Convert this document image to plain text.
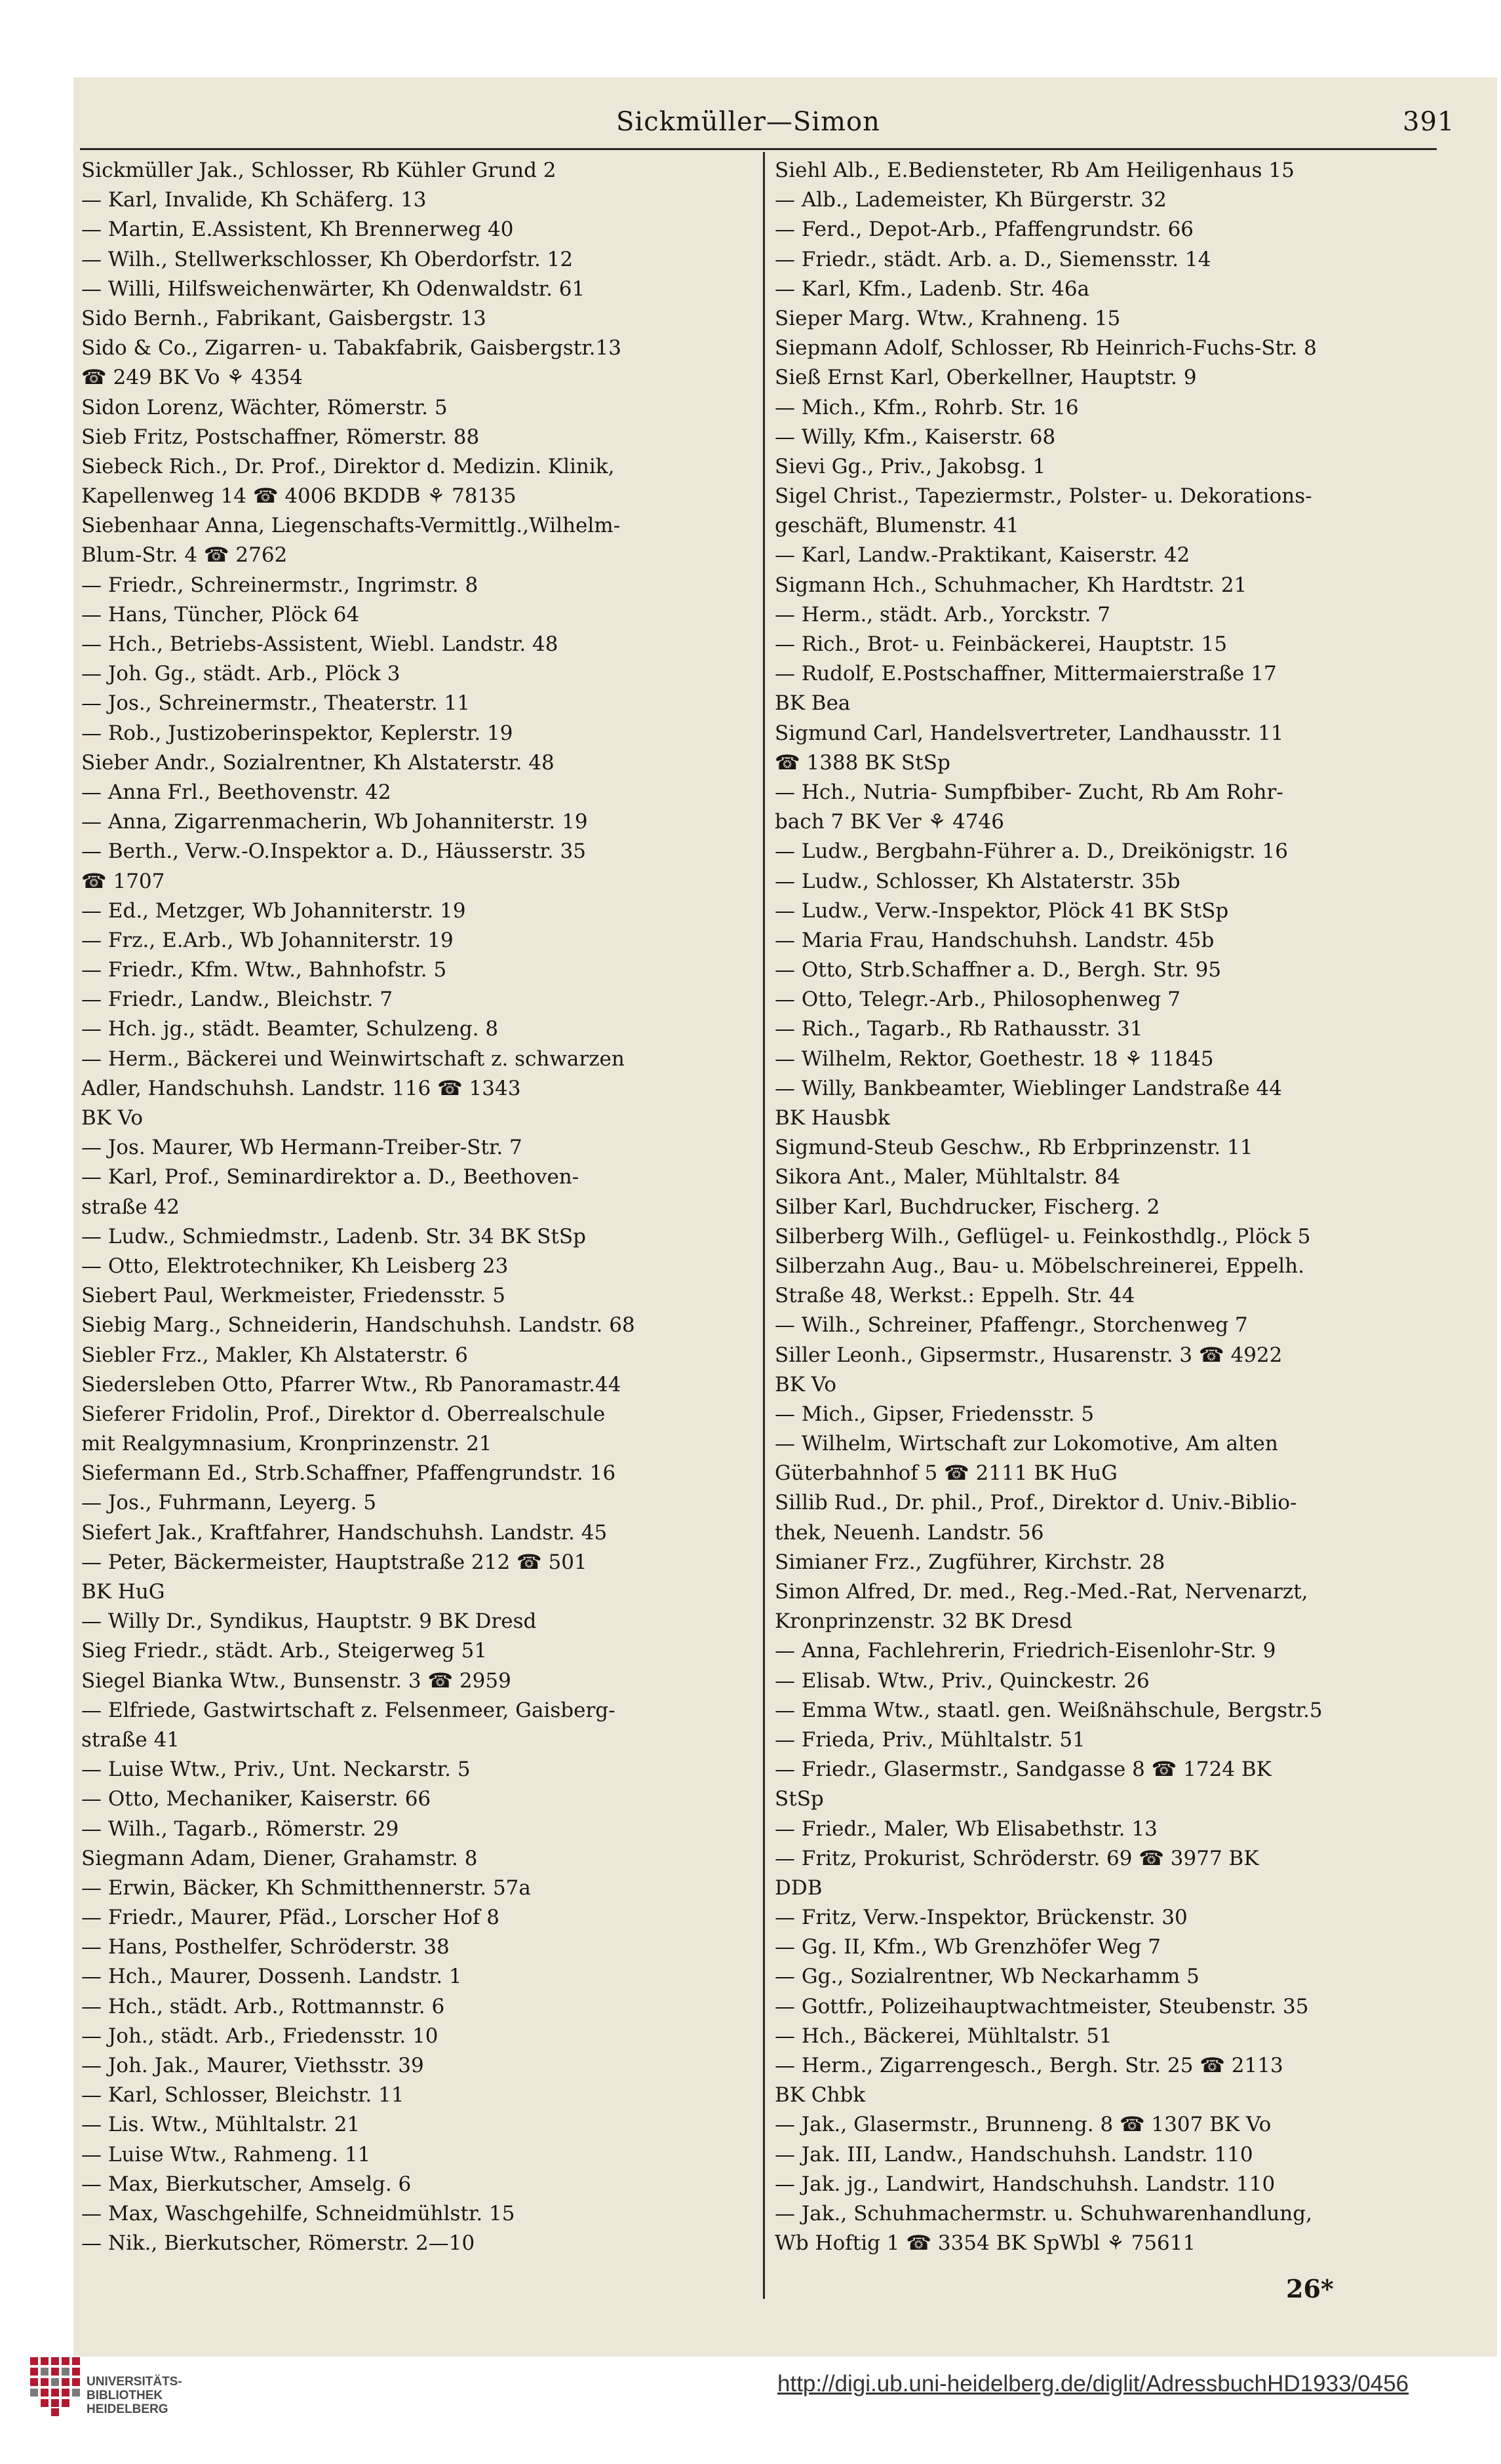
Sickmüller—Simon	391
Sickmüller Jak., Schlosser, Rb Kühler Grund 2
— Karl, Invalide, Kh Schäferg. 13
— Martin, E.Assistent, Kh Brennerweg 40
— Wilh., Stellwerkschlosser, Kh Oberdorfstr. 12
— Willi, Hilfsweichenwärter, Kh Odenwaldstr. 61
Sido Bernh., Fabrikant, Gaisbergstr. 13
Sido & Co., Zigarren- u. Tabakfabrik, Gaisbergstr.13
☎ 249 BK Vo ⚘ 4354
Sidon Lorenz, Wächter, Römerstr. 5
Sieb Fritz, Postschaffner, Römerstr. 88
Siebeck Rich., Dr. Prof., Direktor d. Medizin. Klinik,
Kapellenweg 14 ☎ 4006 BKDDB ⚘ 78135
Siebenhaar Anna, Liegenschafts-Vermittlg.,Wilhelm-
Blum-Str. 4 ☎ 2762
— Friedr., Schreinermstr., Ingrimstr. 8
— Hans, Tüncher, Plöck 64
— Hch., Betriebs-Assistent, Wiebl. Landstr. 48
— Joh. Gg., städt. Arb., Plöck 3
— Jos., Schreinermstr., Theaterstr. 11
— Rob., Justizoberinspektor, Keplerstr. 19
Sieber Andr., Sozialrentner, Kh Alstaterstr. 48
— Anna Frl., Beethovenstr. 42
— Anna, Zigarrenmacherin, Wb Johanniterstr. 19
— Berth., Verw.-O.Inspektor a. D., Häusserstr. 35
☎ 1707
— Ed., Metzger, Wb Johanniterstr. 19
— Frz., E.Arb., Wb Johanniterstr. 19
— Friedr., Kfm. Wtw., Bahnhofstr. 5
— Friedr., Landw., Bleichstr. 7
— Hch. jg., städt. Beamter, Schulzeng. 8
— Herm., Bäckerei und Weinwirtschaft z. schwarzen
Adler, Handschuhsh. Landstr. 116 ☎ 1343
BK Vo
— Jos. Maurer, Wb Hermann-Treiber-Str. 7
— Karl, Prof., Seminardirektor a. D., Beethoven-
straße 42
— Ludw., Schmiedmstr., Ladenb. Str. 34 BK StSp
— Otto, Elektrotechniker, Kh Leisberg 23
Siebert Paul, Werkmeister, Friedensstr. 5
Siebig Marg., Schneiderin, Handschuhsh. Landstr. 68
Siebler Frz., Makler, Kh Alstaterstr. 6
Siedersleben Otto, Pfarrer Wtw., Rb Panoramastr.44
Sieferer Fridolin, Prof., Direktor d. Oberrealschule
mit Realgymnasium, Kronprinzenstr. 21
Siefermann Ed., Strb.Schaffner, Pfaffengrundstr. 16
— Jos., Fuhrmann, Leyerg. 5
Siefert Jak., Kraftfahrer, Handschuhsh. Landstr. 45
— Peter, Bäckermeister, Hauptstraße 212 ☎ 501
BK HuG
— Willy Dr., Syndikus, Hauptstr. 9 BK Dresd
Sieg Friedr., städt. Arb., Steigerweg 51
Siegel Bianka Wtw., Bunsenstr. 3 ☎ 2959
— Elfriede, Gastwirtschaft z. Felsenmeer, Gaisberg-
straße 41
— Luise Wtw., Priv., Unt. Neckarstr. 5
— Otto, Mechaniker, Kaiserstr. 66
— Wilh., Tagarb., Römerstr. 29
Siegmann Adam, Diener, Grahamstr. 8
— Erwin, Bäcker, Kh Schmitthennerstr. 57a
— Friedr., Maurer, Pfäd., Lorscher Hof 8
— Hans, Posthelfer, Schröderstr. 38
— Hch., Maurer, Dossenh. Landstr. 1
— Hch., städt. Arb., Rottmannstr. 6
— Joh., städt. Arb., Friedensstr. 10
— Joh. Jak., Maurer, Viethsstr. 39
— Karl, Schlosser, Bleichstr. 11
— Lis. Wtw., Mühltalstr. 21
— Luise Wtw., Rahmeng. 11
— Max, Bierkutscher, Amselg. 6
— Max, Waschgehilfe, Schneidmühlstr. 15
— Nik., Bierkutscher, Römerstr. 2—10
Siehl Alb., E.Bediensteter, Rb Am Heiligenhaus 15
— Alb., Lademeister, Kh Bürgerstr. 32
— Ferd., Depot-Arb., Pfaffengrundstr. 66
— Friedr., städt. Arb. a. D., Siemensstr. 14
— Karl, Kfm., Ladenb. Str. 46a
Sieper Marg. Wtw., Krahneng. 15
Siepmann Adolf, Schlosser, Rb Heinrich-Fuchs-Str. 8
Sieß Ernst Karl, Oberkellner, Hauptstr. 9
— Mich., Kfm., Rohrb. Str. 16
— Willy, Kfm., Kaiserstr. 68
Sievi Gg., Priv., Jakobsg. 1
Sigel Christ., Tapeziermstr., Polster- u. Dekorations-
geschäft, Blumenstr. 41
— Karl, Landw.-Praktikant, Kaiserstr. 42
Sigmann Hch., Schuhmacher, Kh Hardtstr. 21
— Herm., städt. Arb., Yorckstr. 7
— Rich., Brot- u. Feinbäckerei, Hauptstr. 15
— Rudolf, E.Postschaffner, Mittermaierstraße 17
BK Bea
Sigmund Carl, Handelsvertreter, Landhausstr. 11
☎ 1388 BK StSp
— Hch., Nutria- Sumpfbiber- Zucht, Rb Am Rohr-
bach 7 BK Ver ⚘ 4746
— Ludw., Bergbahn-Führer a. D., Dreikönigstr. 16
— Ludw., Schlosser, Kh Alstaterstr. 35b
— Ludw., Verw.-Inspektor, Plöck 41 BK StSp
— Maria Frau, Handschuhsh. Landstr. 45b
— Otto, Strb.Schaffner a. D., Bergh. Str. 95
— Otto, Telegr.-Arb., Philosophenweg 7
— Rich., Tagarb., Rb Rathausstr. 31
— Wilhelm, Rektor, Goethestr. 18 ⚘ 11845
— Willy, Bankbeamter, Wieblinger Landstraße 44
BK Hausbk
Sigmund-Steub Geschw., Rb Erbprinzenstr. 11
Sikora Ant., Maler, Mühltalstr. 84
Silber Karl, Buchdrucker, Fischerg. 2
Silberberg Wilh., Geflügel- u. Feinkosthdlg., Plöck 5
Silberzahn Aug., Bau- u. Möbelschreinerei, Eppelh.
Straße 48, Werkst.: Eppelh. Str. 44
— Wilh., Schreiner, Pfaffengr., Storchenweg 7
Siller Leonh., Gipsermstr., Husarenstr. 3 ☎ 4922
BK Vo
— Mich., Gipser, Friedensstr. 5
— Wilhelm, Wirtschaft zur Lokomotive, Am alten
Güterbahnhof 5 ☎ 2111 BK HuG
Sillib Rud., Dr. phil., Prof., Direktor d. Univ.-Biblio-
thek, Neuenh. Landstr. 56
Simianer Frz., Zugführer, Kirchstr. 28
Simon Alfred, Dr. med., Reg.-Med.-Rat, Nervenarzt,
Kronprinzenstr. 32 BK Dresd
— Anna, Fachlehrerin, Friedrich-Eisenlohr-Str. 9
— Elisab. Wtw., Priv., Quinckestr. 26
— Emma Wtw., staatl. gen. Weißnähschule, Bergstr.5
— Frieda, Priv., Mühltalstr. 51
— Friedr., Glasermstr., Sandgasse 8 ☎ 1724 BK
StSp
— Friedr., Maler, Wb Elisabethstr. 13
— Fritz, Prokurist, Schröderstr. 69 ☎ 3977 BK
DDB
— Fritz, Verw.-Inspektor, Brückenstr. 30
— Gg. II, Kfm., Wb Grenzhöfer Weg 7
— Gg., Sozialrentner, Wb Neckarhamm 5
— Gottfr., Polizeihauptwachtmeister, Steubenstr. 35
— Hch., Bäckerei, Mühltalstr. 51
— Herm., Zigarrengesch., Bergh. Str. 25 ☎ 2113
BK Chbk
— Jak., Glasermstr., Brunneng. 8 ☎ 1307 BK Vo
— Jak. III, Landw., Handschuhsh. Landstr. 110
— Jak. jg., Landwirt, Handschuhsh. Landstr. 110
— Jak., Schuhmachermstr. u. Schuhwarenhandlung,
Wb Hoftig 1 ☎ 3354 BK SpWbl ⚘ 75611
26*
UNIVERSITÄTS-
BIBLIOTHEK
HEIDELBERG
http://digi.ub.uni-heidelberg.de/diglit/AdressbuchHD1933/0456
